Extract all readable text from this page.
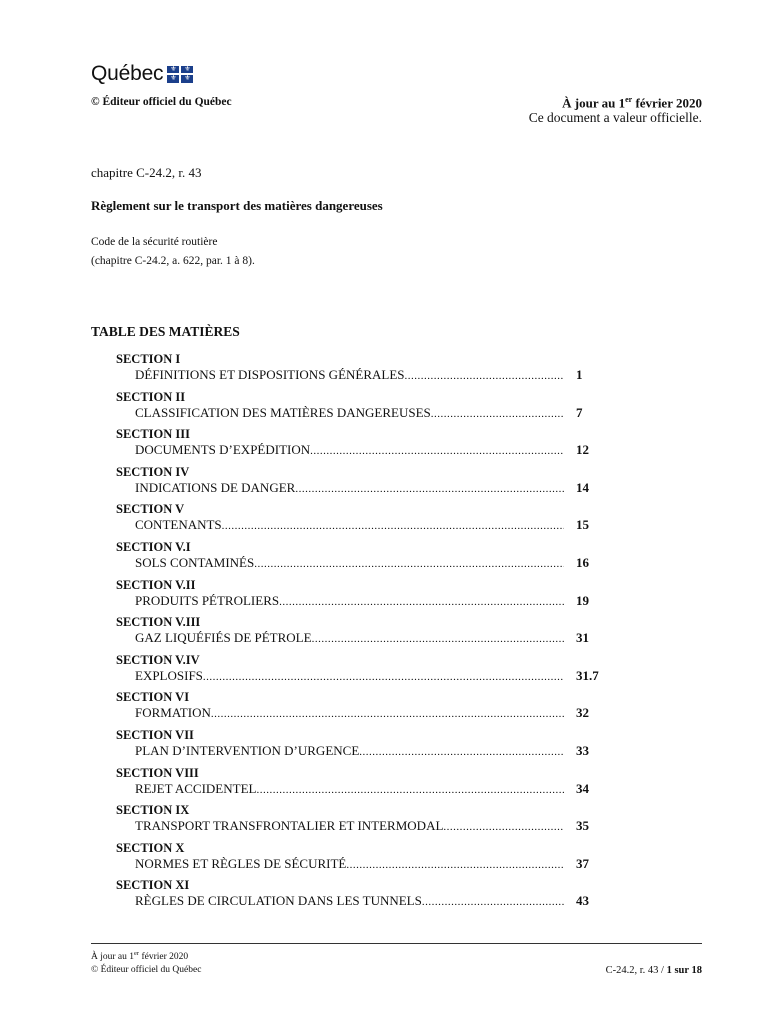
Québec ⚜	⚜
⚜	⚜
© Éditeur officiel du Québec	À jour au 1er février 2020
Ce document a valeur officielle.
chapitre C-24.2, r. 43
Règlement sur le transport des matières dangereuses
Code de la sécurité routière
(chapitre C-24.2, a. 622, par. 1 à 8).
TABLE DES MATIÈRES
SECTION I
DÉFINITIONS ET DISPOSITIONS GÉNÉRALES .....	1
SECTION II
CLASSIFICATION DES MATIÈRES DANGEREUSES .....	7
SECTION III
DOCUMENTS D’EXPÉDITION .....	12
SECTION IV
INDICATIONS DE DANGER .....	14
SECTION V
CONTENANTS .....	15
SECTION V.I
SOLS CONTAMINÉS .....	16
SECTION V.II
PRODUITS PÉTROLIERS .....	19
SECTION V.III
GAZ LIQUÉFIÉS DE PÉTROLE .....	31
SECTION V.IV
EXPLOSIFS .....	31.7
SECTION VI
FORMATION .....	32
SECTION VII
PLAN D’INTERVENTION D’URGENCE .....	33
SECTION VIII
REJET ACCIDENTEL .....	34
SECTION IX
TRANSPORT TRANSFRONTALIER ET INTERMODAL .....	35
SECTION X
NORMES ET RÈGLES DE SÉCURITÉ .....	37
SECTION XI
RÈGLES DE CIRCULATION DANS LES TUNNELS .....	43
À jour au 1er février 2020
© Éditeur officiel du Québec	C-24.2, r. 43 / 1 sur 18
